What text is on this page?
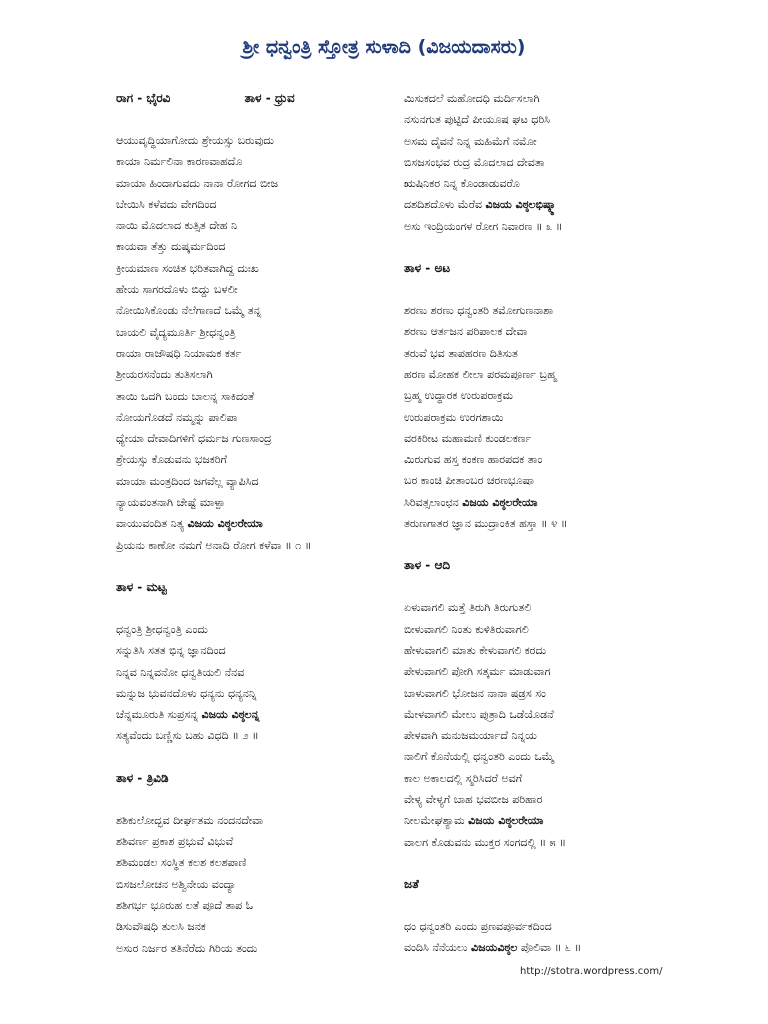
ಶ್ರೀ ಧನ್ವಂತ್ರಿ ಸ್ತೋತ್ರ ಸುಳಾದಿ (ವಿಜಯದಾಸರು)
ರಾಗ - ಭೈರವಿ	ತಾಳ - ಧ್ರುವ
ಆಯುವೃದ್ಧಿಯಾಗೋದು ಶ್ರೇಯಸ್ಸು ಬರುವುದು
ಕಾಯಾ ನಿರ್ಮಲಿನಾ ಕಾರಣವಾಹದೊ
ಮಾಯಾ ಹಿಂದಾಗುವದು ನಾನಾ ರೋಗದ ಬೀಜ
ಬೇಯಿಸಿ ಕಳೆವದು ವೇಗದಿಂದ
ನಾಯಿ ಮೊದಲಾದ ಕುತ್ಸಿತ ದೇಹ ನಿ
ಕಾಯವಾ ತೆತ್ತು ದುಷ್ಕರ್ಮದಿಂದ
ಕ್ರೀಯಮಾಣ ಸಂಚಿತ ಭರಿತವಾಗಿದ್ದ ದುಃಖ
ಹೇಯ ಸಾಗರದೊಳು ಬಿದ್ದು ಬಳಲೀ
ನೋಯಿಸಿಕೊಂಡು ನೆಲೆಗಾಣದೆ ಒಮ್ಮೆ ತನ್ನ
ಬಾಯಲಿ ವೈದ್ಯಮೂರ್ತಿ ಶ್ರೀಧನ್ವಂತ್ರಿ
ರಾಯಾ ರಾಜೌಷಧಿ ನಿಯಾಮಕ ಕರ್ತ
ಶ್ರೀಯರಸನೆಂದು ತುತಿಸಲಾಗಿ
ತಾಯಿ ಒದಗಿ ಬಂದು ಬಾಲನ್ನ ಸಾಕಿದಂತೆ
ನೋಯಗೊಡದೆ ನಮ್ಮನ್ನು ಪಾಲಿಪಾ
ಧ್ಯೇಯಾ ದೇವಾದಿಗಳಿಗೆ ಧರ್ಮಜ ಗುಣಸಾಂದ್ರ
ಶ್ರೇಯಸ್ಸು ಕೊಡುವನು ಭಜಕರಿಗೆ
ಮಾಯಾ ಮಂತ್ರದಿಂದ ಜಗವೆಲ್ಲ ವ್ಯಾಪಿಸಿದ
ನ್ಯಾಯವಂತನಾಗಿ ಚೇಷ್ಟೆ ಮಾಳ್ಪಾ
ವಾಯುವಂದಿತ ನಿತ್ಯ ವಿಜಯ ವಿಠ್ಠಲರೇಯಾ
ಪ್ರಿಯನು ಕಾಣೋ ನಮಗೆ ಅನಾದಿ ರೋಗ ಕಳೆವಾ ॥ ೧ ॥
ತಾಳ - ಮಟ್ಟ
ಧನ್ವಂತ್ರಿ ಶ್ರೀಧನ್ವಂತ್ರಿ ಎಂದು
ಸನ್ನುತಿಸಿ ಸತತ ಭಿನ್ನ ಜ್ಞಾನದಿಂದ
ನಿನ್ನವ ನಿನ್ನವನೋ ಧನ್ವತಿಯಲಿ ನೆನವ
ಮನ್ನುಜ ಭುವನದೊಳು ಧನ್ಯನು ಧನ್ಯನನ್ನಿ
ಚೆನ್ನಮೂರುತಿ ಸುಪ್ರಸನ್ನ ವಿಜಯ ವಿಠ್ಠಲನ್ನ
ಸತ್ಯವೆಂದು ಬಣ್ಣಿಸು ಬಹು ವಿಧದಿ ॥ ೨ ॥
ತಾಳ - ತ್ರಿವಿಡಿ
ಶಶಿಕುಲೋದ್ಭವ ದೀರ್ಘತಮ ನಂದನದೇವಾ
ಶಶಿವರ್ಣ ಪ್ರಕಾಶ ಪ್ರಭುವೆ ವಿಭುವೆ
ಶಶಿಮಂಡಲ ಸಂಸ್ಥಿತ ಕಲಶ ಕಲಶಪಾಣಿ
ಬಿಸಜಲೋಚನ ಅಶ್ವಿನೇಯ ವಂದ್ಯಾ
ಶಶಿಗರ್ಭ ಭೂರುಹ ಲತೆ ಪೂದೆ ತಾಪ ಓ
ಡಿಸುವೌಷಧಿ ತುಲಸಿ ಜನಕ
ಅಸುರ ನಿರ್ಜರ ತತಿನೆರೆದು ಗಿರಿಯ ತಂದು
ಮಿಸುಕದಲೆ ಮಹೋದಧಿ ಮರ್ದಿಸಲಾಗಿ
ನಸುನಗುತ ಪುಟ್ಟಿದೆ ಪೀಯೂಷ ಘಟ ಧರಿಸಿ
ಅಸಮ ದೈವನೆ ನಿನ್ನ ಮಹಿಮೆಗೆ ನಮೋ
ಬಿಸಜಸಂಭವ ರುದ್ರ ಮೊದಲಾದ ದೇವತಾ
ಋಷಿನಿಕರ ನಿನ್ನ ಕೊಂಡಾಡುವರೊ
ದಶದಿಶದೊಳು ಮೆರೆವ ವಿಜಯ ವಿಠ್ಠಲಭಿಷ್ಕ್ಮಾ
ಅಸು ಇಂದ್ರಿಯಂಗಳ ರೋಗ ನಿವಾರಣ ॥ ೩ ॥
ತಾಳ - ಅಟ
ಶರಣು ಶರಣು ಧನ್ವಂತರಿ ತಮೋಗುಣನಾಶಾ
ಶರಣು ಆರ್ತಜನ ಪರಿಪಾಲಕ ದೇವಾ
ತರುವೆ ಭವ ತಾಪಹರಣ ದಿತಿಸುತ
ಹರಣ ಮೋಹಕ ಲೀಲಾ ಪರಮಪೂರ್ಣ ಬ್ರಹ್ಮ
ಬ್ರಹ್ಮ ಉದ್ಧಾರಕ ಉರುಪರಾಕ್ರಮ
ಉರುಪರಾಕ್ರಮ ಉರಗಶಾಯಿ
ವರಕಿರೀಟ ಮಹಾಮಣಿ ಕುಂಡಲಕರ್ಣ
ಮಿರುಗುವ ಹಸ್ತ ಕಂಕಣ ಹಾರಪದಕ ತಾಂ
ಬರ ಕಾಂಚಿ ಪೀತಾಂಬರ ಚರಣಭೂಷಾ
ಸಿರಿವತ್ಸಲಾಂಛನ ವಿಜಯ ವಿಠ್ಠಲರೇಯಾ
ತರುಣಗಾತರ ಜ್ಞಾನ ಮುದ್ರಾಂಕಿತ ಹಸ್ತಾ ॥ ೪ ॥
ತಾಳ - ಆದಿ
ಏಳುವಾಗಲಿ ಮತ್ತೆ ತಿರುಗಿ ತಿರುಗುತಲಿ
ಬೀಳುವಾಗಲಿ ನಿಂತು ಕುಳಿತಿರುವಾಗಲಿ
ಹೇಳುವಾಗಲಿ ಮಾತು ಕೇಳುವಾಗಲಿ ಕರದು
ಪೇಳುವಾಗಲಿ ಪೋಗಿ ಸತ್ಕರ್ಮ ಮಾಡುವಾಗ
ಬಾಳುವಾಗಲಿ ಭೋಜನ ನಾನಾ ಷಡ್ರಸ ಸಂ
ಮೇಳವಾಗಲಿ ಮೇಲು ಪುತ್ರಾದಿ ಒಡೆಯೊಡನೆ
ಪೇಳವಾಗಿ ಮನುಜಮರ್ಯಾದೆ ನಿನ್ನಯ
ನಾಲಿಗೆ ಕೊನೆಯಲ್ಲಿ ಧನ್ವಂತರಿ ಎಂದು ಒಮ್ಮೆ
ಕಾಲ ಅಕಾಲದಲ್ಲಿ ಸ್ಮರಿಸಿದರೆ ಅವಗೆ
ವೇಳ್ಯ ವೇಳ್ಯಗೆ ಬಾಹ ಭವಬೀಜ ಪರಿಹಾರ
ನೀಲಮೇಘಶ್ಯಾಮ ವಿಜಯ ವಿಠ್ಠಲರೇಯಾ
ವಾಲಗ ಕೊಡುವನು ಮುಕ್ತರ ಸಂಗದಲ್ಲಿ ॥ ೫ ॥
ಜತೆ
ಧಂ ಧನ್ವಂತರಿ ಎಂದು ಪ್ರಣವಪೂರ್ವಕದಿಂದ
ವಂದಿಸಿ ನೆನೆಯಲು ವಿಜಯವಿಠ್ಠಲ ಪೊಲಿವಾ ॥ ೬ ॥
http://stotra.wordpress.com/
